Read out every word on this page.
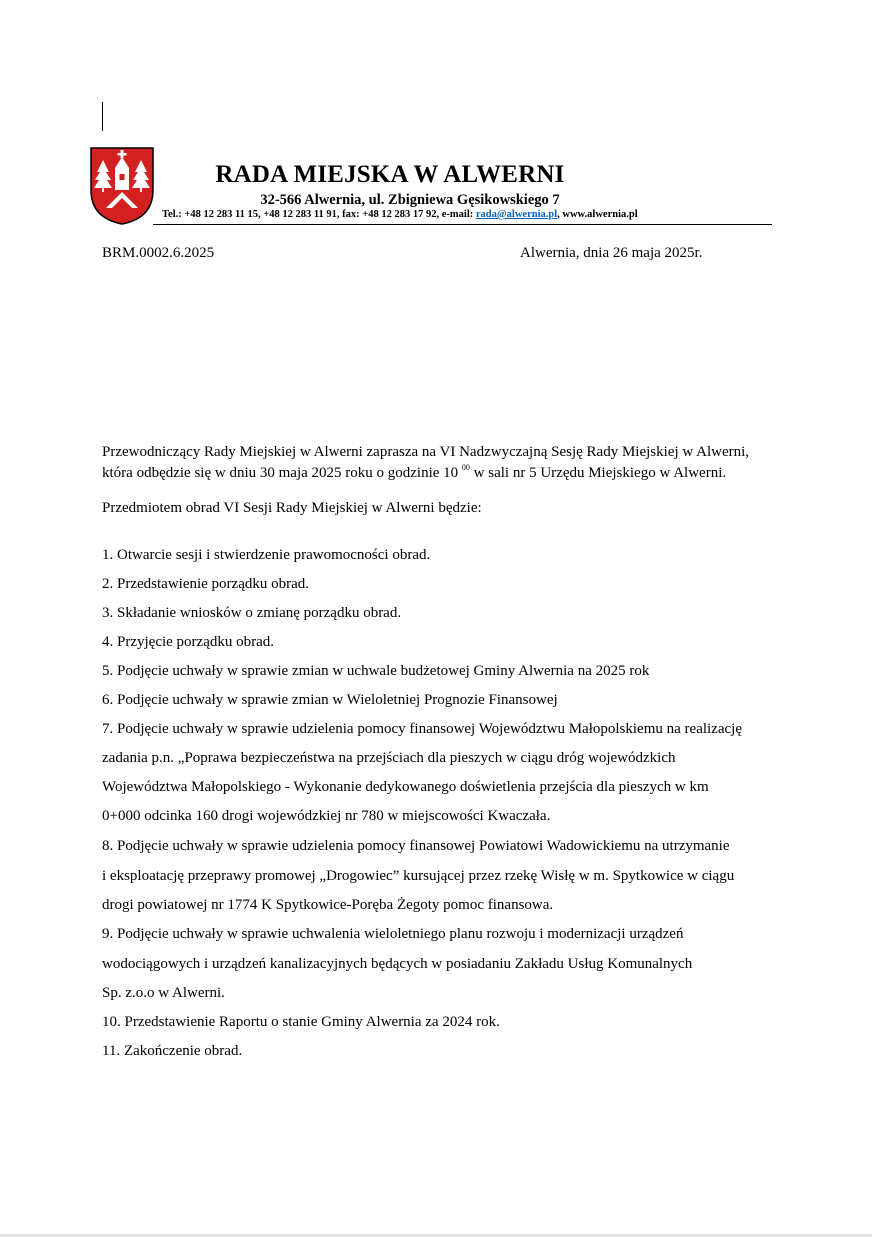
RADA MIEJSKA W ALWERNI
32-566 Alwernia, ul. Zbigniewa Gęsikowskiego 7
Tel.: +48 12 283 11 15, +48 12 283 11 91, fax: +48 12 283 17 92, e-mail: rada@alwernia.pl, www.alwernia.pl
BRM.0002.6.2025	Alwernia, dnia 26 maja 2025r.
Przewodniczący Rady Miejskiej w Alwerni zaprasza na VI Nadzwyczajną Sesję Rady Miejskiej w Alwerni,
która odbędzie się w dniu 30 maja 2025 roku o godzinie 10 $^{00}$ w sali nr 5 Urzędu Miejskiego w Alwerni.
Przedmiotem obrad VI Sesji Rady Miejskiej w Alwerni będzie:
1. Otwarcie sesji i stwierdzenie prawomocności obrad.
2. Przedstawienie porządku obrad.
3. Składanie wniosków o zmianę porządku obrad.
4. Przyjęcie porządku obrad.
5. Podjęcie uchwały w sprawie zmian w uchwale budżetowej Gminy Alwernia na 2025 rok
6. Podjęcie uchwały w sprawie zmian w Wieloletniej Prognozie Finansowej
7. Podjęcie uchwały w sprawie udzielenia pomocy finansowej Województwu Małopolskiemu na realizację
zadania p.n. „Poprawa bezpieczeństwa na przejściach dla pieszych w ciągu dróg wojewódzkich
Województwa Małopolskiego - Wykonanie dedykowanego doświetlenia przejścia dla pieszych w km
0+000 odcinka 160 drogi wojewódzkiej nr 780 w miejscowości Kwaczała.
8. Podjęcie uchwały w sprawie udzielenia pomocy finansowej Powiatowi Wadowickiemu na utrzymanie
i eksploatację przeprawy promowej „Drogowiec” kursującej przez rzekę Wisłę w m. Spytkowice w ciągu
drogi powiatowej nr 1774 K Spytkowice-Poręba Żegoty pomoc finansowa.
9. Podjęcie uchwały w sprawie uchwalenia wieloletniego planu rozwoju i modernizacji urządzeń
wodociągowych i urządzeń kanalizacyjnych będących w posiadaniu Zakładu Usług Komunalnych
Sp. z.o.o w Alwerni.
10. Przedstawienie Raportu o stanie Gminy Alwernia za 2024 rok.
11. Zakończenie obrad.
